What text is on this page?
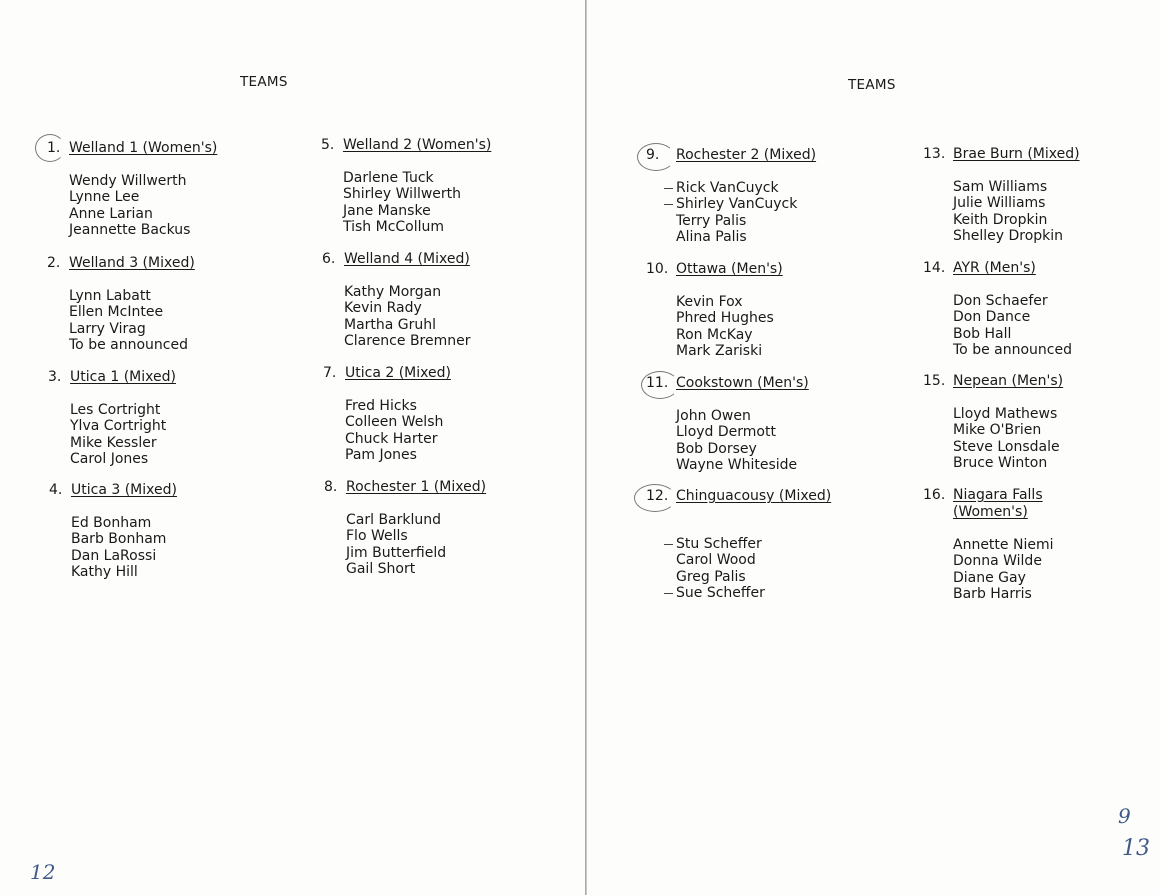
TEAMS
1. Welland 1 (Women's)
Wendy Willwerth
Lynne Lee
Anne Larian
Jeannette Backus
2. Welland 3 (Mixed)
Lynn Labatt
Ellen McIntee
Larry Virag
To be announced
3. Utica 1 (Mixed)
Les Cortright
Ylva Cortright
Mike Kessler
Carol Jones
4. Utica 3 (Mixed)
Ed Bonham
Barb Bonham
Dan LaRossi
Kathy Hill
5. Welland 2 (Women's)
Darlene Tuck
Shirley Willwerth
Jane Manske
Tish McCollum
6. Welland 4 (Mixed)
Kathy Morgan
Kevin Rady
Martha Gruhl
Clarence Bremner
7. Utica 2 (Mixed)
Fred Hicks
Colleen Welsh
Chuck Harter
Pam Jones
8. Rochester 1 (Mixed)
Carl Barklund
Flo Wells
Jim Butterfield
Gail Short

12

TEAMS
9.	Rochester 2 (Mixed)
Rick VanCuyck
Shirley VanCuyck
Terry Palis
Alina Palis
10. Ottawa (Men's)
Kevin Fox
Phred Hughes
Ron McKay
Mark Zariski
11. Cookstown (Men's)
John Owen
Lloyd Dermott
Bob Dorsey
Wayne Whiteside
12. Chinguacousy (Mixed)
Stu Scheffer
Carol Wood
Greg Palis
Sue Scheffer
13. Brae Burn (Mixed)
Sam Williams
Julie Williams
Keith Dropkin
Shelley Dropkin
14. AYR (Men's)
Don Schaefer
Don Dance
Bob Hall
To be announced
15. Nepean (Men's)
Lloyd Mathews
Mike O'Brien
Steve Lonsdale
Bruce Winton
16. Niagara Falls (Women's)
Annette Niemi
Donna Wilde
Diane Gay
Barb Harris

9

13
